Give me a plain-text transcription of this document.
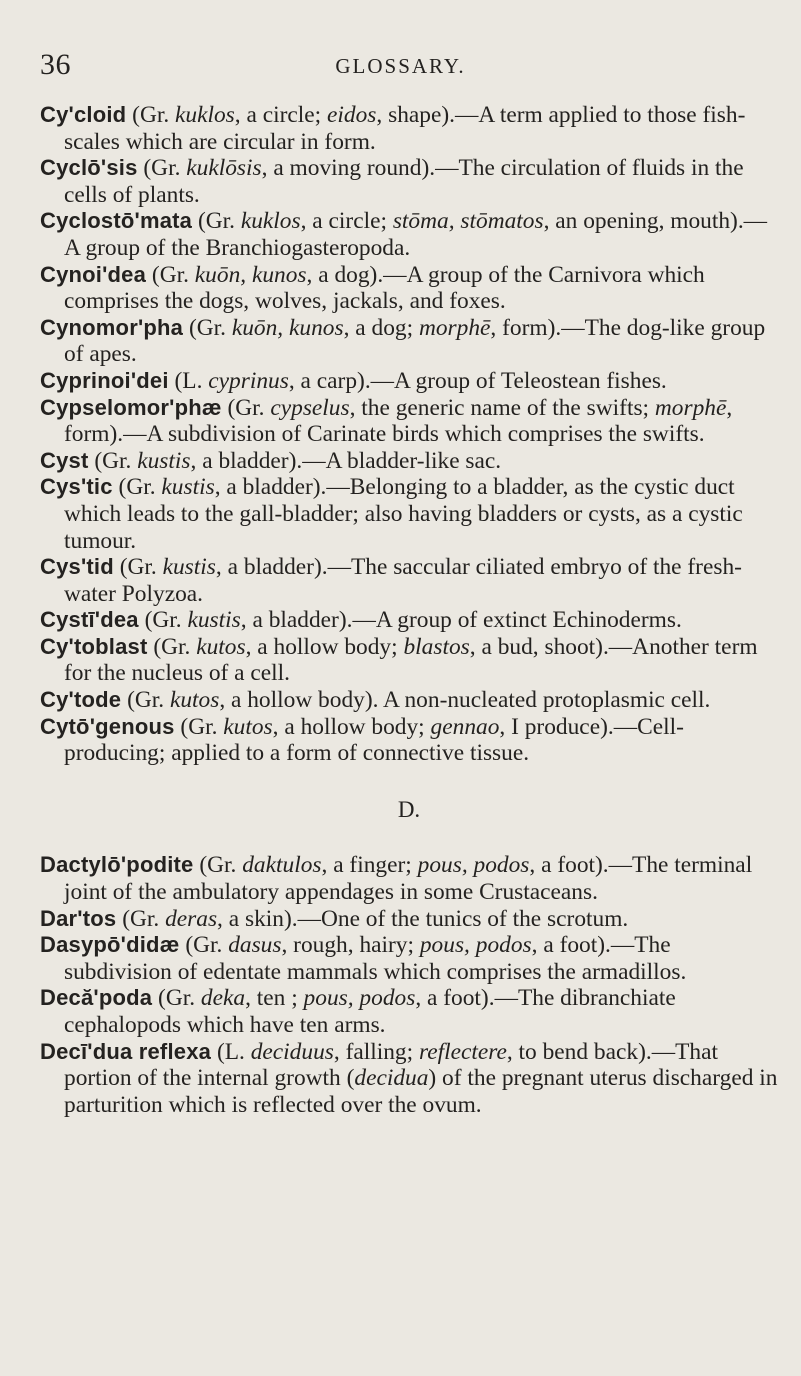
36	GLOSSARY.

Cy'cloid (Gr. kuklos, a circle; eidos, shape).—A term applied to those fish-scales which are circular in form.

Cyclō'sis (Gr. kuklōsis, a moving round).—The circulation of fluids in the cells of plants.

Cyclostō'mata (Gr. kuklos, a circle; stōma, stōmatos, an opening, mouth).—A group of the Branchiogasteropoda.

Cynoi'dea (Gr. kuōn, kunos, a dog).—A group of the Carnivora which comprises the dogs, wolves, jackals, and foxes.

Cynomor'pha (Gr. kuōn, kunos, a dog; morphē, form).—The dog-like group of apes.

Cyprinoi'dei (L. cyprinus, a carp).—A group of Teleostean fishes.

Cypselomor'phæ (Gr. cypselus, the generic name of the swifts; morphē, form).—A subdivision of Carinate birds which comprises the swifts.

Cyst (Gr. kustis, a bladder).—A bladder-like sac.

Cys'tic (Gr. kustis, a bladder).—Belonging to a bladder, as the cystic duct which leads to the gall-bladder; also having bladders or cysts, as a cystic tumour.

Cys'tid (Gr. kustis, a bladder).—The saccular ciliated embryo of the fresh-water Polyzoa.

Cystī'dea (Gr. kustis, a bladder).—A group of extinct Echinoderms.

Cy'toblast (Gr. kutos, a hollow body; blastos, a bud, shoot).—Another term for the nucleus of a cell.

Cy'tode (Gr. kutos, a hollow body). A non-nucleated protoplasmic cell.

Cytō'genous (Gr. kutos, a hollow body; gennao, I produce).—Cell-producing; applied to a form of connective tissue.

D.

Dactylō'podite (Gr. daktulos, a finger; pous, podos, a foot).—The terminal joint of the ambulatory appendages in some Crustaceans.

Dar'tos (Gr. deras, a skin).—One of the tunics of the scrotum.

Dasypō'didæ (Gr. dasus, rough, hairy; pous, podos, a foot).—The subdivision of edentate mammals which comprises the armadillos.

Decă'poda (Gr. deka, ten ; pous, podos, a foot).—The dibranchiate cephalopods which have ten arms.

Decī'dua reflexa (L. deciduus, falling; reflectere, to bend back).—That portion of the internal growth (decidua) of the pregnant uterus discharged in parturition which is reflected over the ovum.
